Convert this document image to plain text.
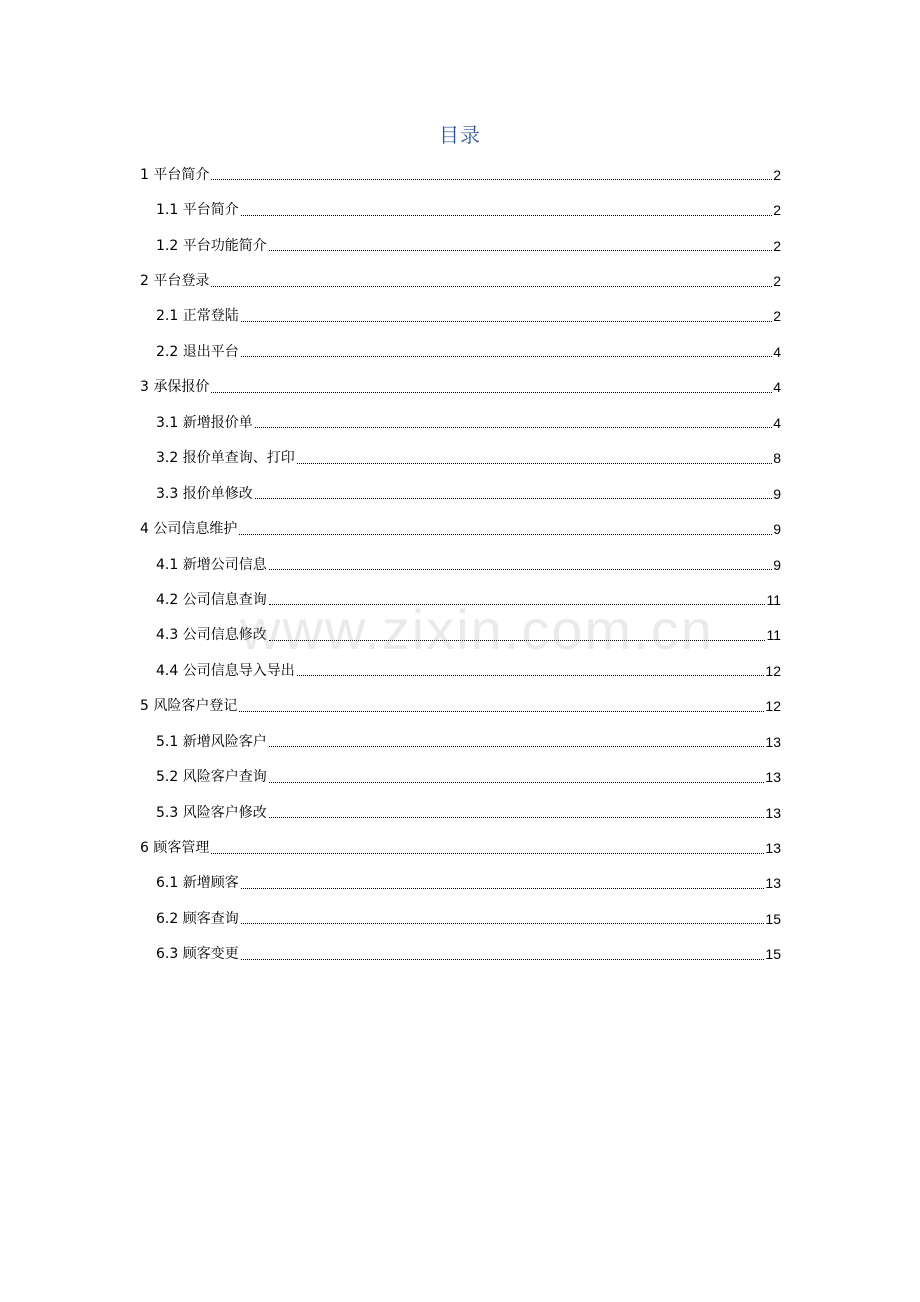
目录
1 平台简介	2
1.1 平台简介	2
1.2 平台功能简介	2
2 平台登录	2
2.1 正常登陆	2
2.2 退出平台	4
3 承保报价	4
3.1 新增报价单	4
3.2 报价单查询、打印	8
3.3 报价单修改	9
4 公司信息维护	9
4.1 新增公司信息	9
4.2 公司信息查询	11
4.3 公司信息修改	11
4.4 公司信息导入导出	12
5 风险客户登记	12
5.1 新增风险客户	13
5.2 风险客户查询	13
5.3 风险客户修改	13
6 顾客管理	13
6.1 新增顾客	13
6.2 顾客查询	15
6.3 顾客变更	15
www.zixin.com.cn
